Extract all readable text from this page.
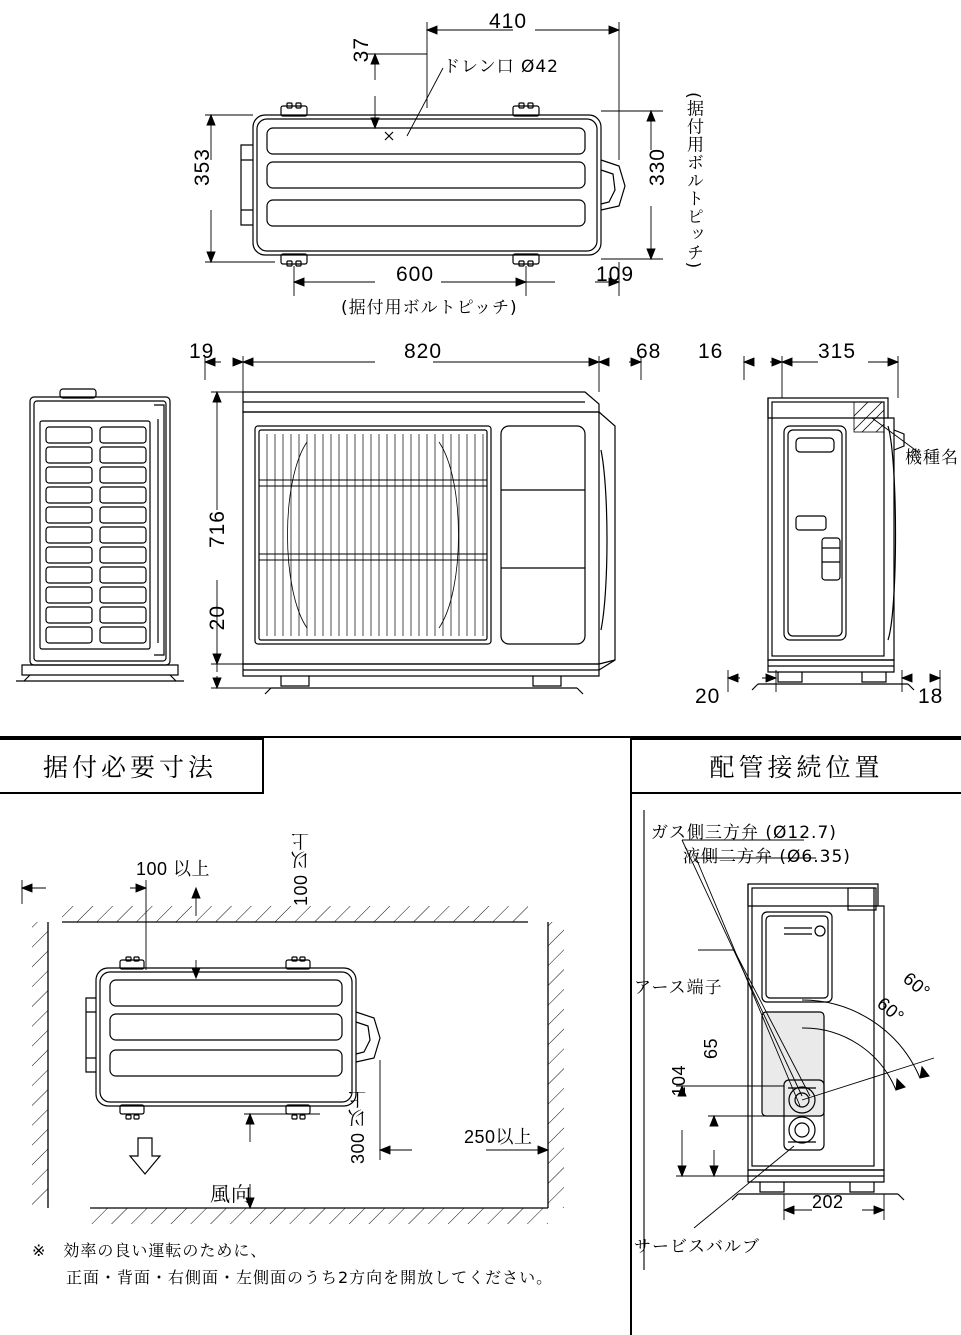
410
37
ドレン口 Ø42
353	330 (据付用ボルトピッチ)
600
(据付用ボルトピッチ)
109
19	820	68
716
20
16	315
機種名
20	18
据付必要寸法	配管接続位置
100 以上	100 以上
300 以上	250以上
風向
※　効率の良い運転のために、
正面・背面・右側面・左側面のうち2方向を開放してください。
ガス側三方弁 (Ø12.7)
液側二方弁 (Ø6.35)
アース端子
サービスバルブ
60°
60°
104
65
202
